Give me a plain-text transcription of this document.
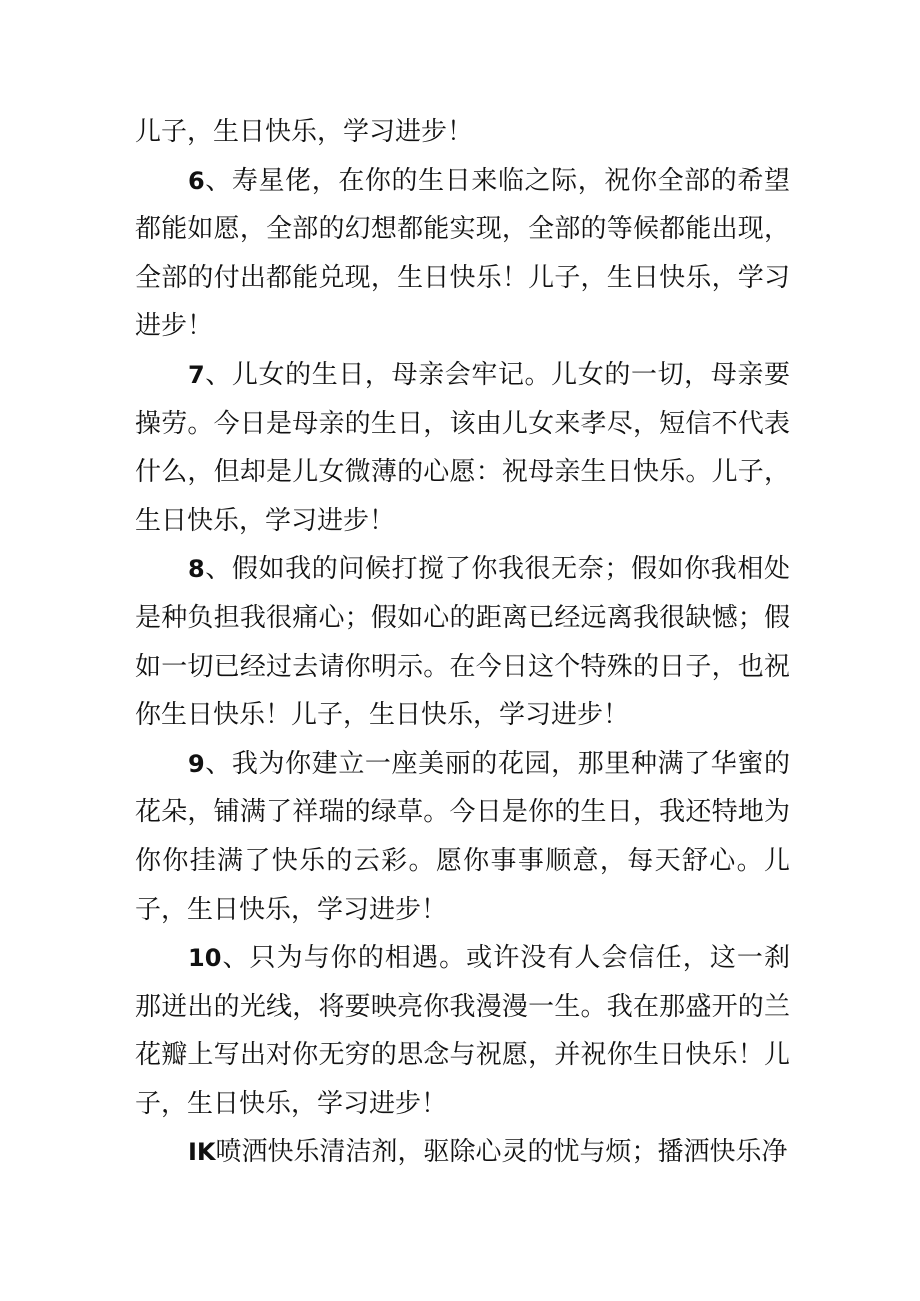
儿子，生日快乐，学习进步！

6、寿星佬，在你的生日来临之际，祝你全部的希望都能如愿，全部的幻想都能实现，全部的等候都能出现，全部的付出都能兑现，生日快乐！儿子，生日快乐，学习进步！

7、儿女的生日，母亲会牢记。儿女的一切，母亲要操劳。今日是母亲的生日，该由儿女来孝尽，短信不代表什么，但却是儿女微薄的心愿：祝母亲生日快乐。儿子，生日快乐，学习进步！

8、假如我的问候打搅了你我很无奈；假如你我相处是种负担我很痛心；假如心的距离已经远离我很缺憾；假如一切已经过去请你明示。在今日这个特殊的日子，也祝你生日快乐！儿子，生日快乐，学习进步！

9、我为你建立一座美丽的花园，那里种满了华蜜的花朵，铺满了祥瑞的绿草。今日是你的生日，我还特地为你你挂满了快乐的云彩。愿你事事顺意，每天舒心。儿子，生日快乐，学习进步！

10、只为与你的相遇。或许没有人会信任，这一刹那迸出的光线，将要映亮你我漫漫一生。我在那盛开的兰花瓣上写出对你无穷的思念与祝愿，并祝你生日快乐！儿子，生日快乐，学习进步！

IK喷洒快乐清洁剂，驱除心灵的忧与烦；播洒快乐净
